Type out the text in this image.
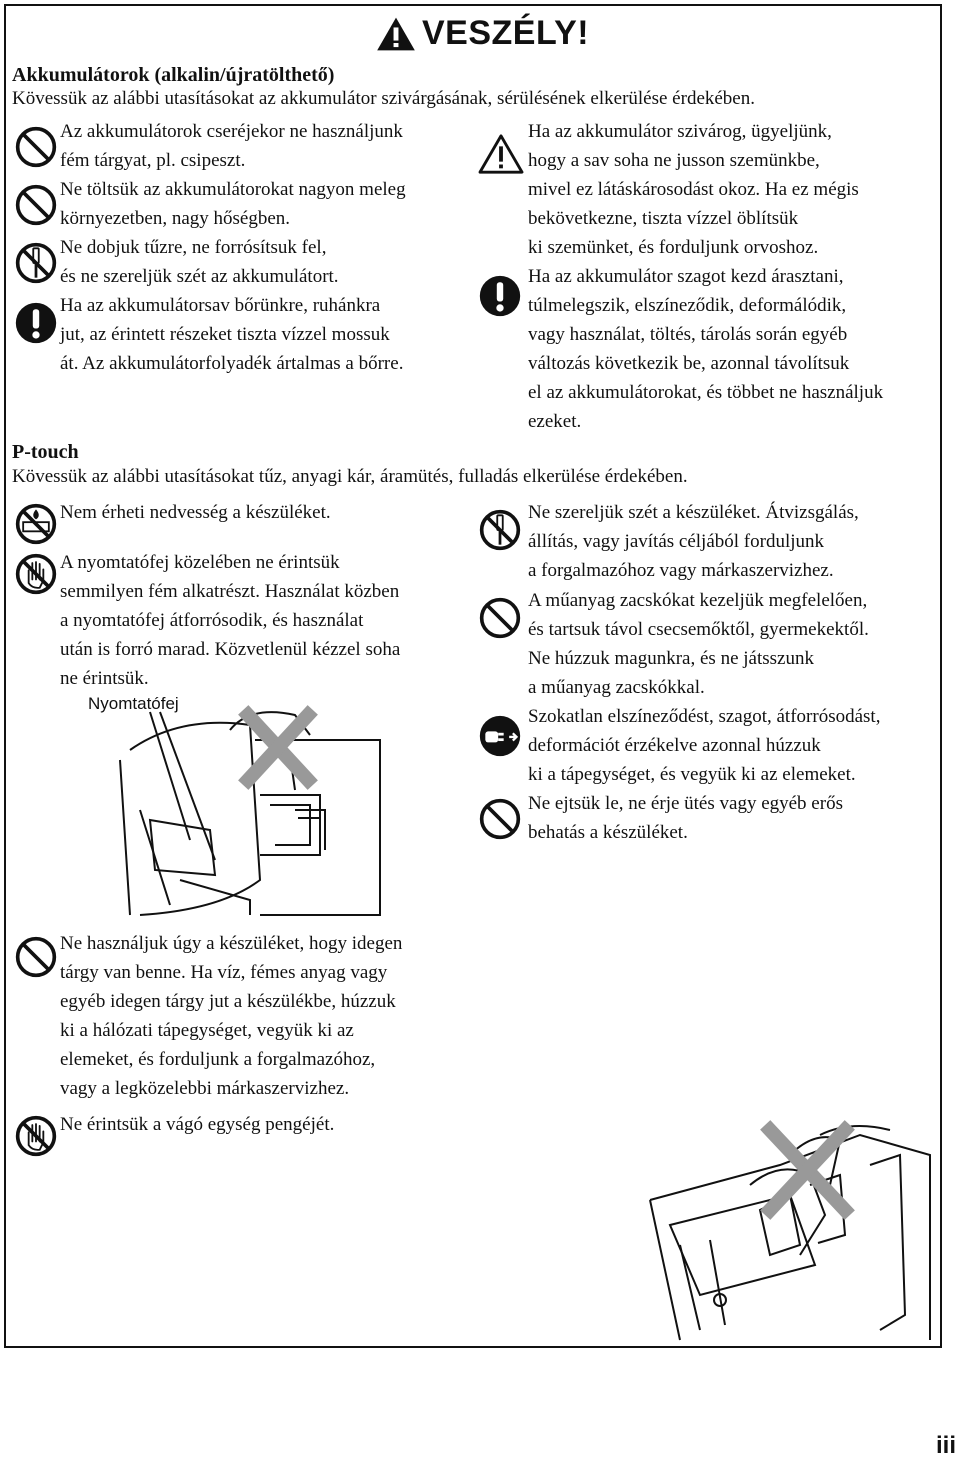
VESZÉLY!
Akkumulátorok (alkalin/újratölthető)
Kövessük az alábbi utasításokat az akkumulátor szivárgásának, sérülésének elkerülése érdekében.
Az akkumulátorok cseréjekor ne használjunk
fém tárgyat, pl. csipeszt.
Ne töltsük az akkumulátorokat nagyon meleg
környezetben, nagy hőségben.
Ne dobjuk tűzre, ne forrósítsuk fel,
és ne szereljük szét az akkumulátort.
Ha az akkumulátorsav bőrünkre, ruhánkra
jut, az érintett részeket tiszta vízzel mossuk
át. Az akkumulátorfolyadék ártalmas a bőrre.
Ha az akkumulátor szivárog, ügyeljünk,
hogy a sav soha ne jusson szemünkbe,
mivel ez látáskárosodást okoz. Ha ez mégis
bekövetkezne, tiszta vízzel öblítsük
ki szemünket, és forduljunk orvoshoz.
Ha az akkumulátor szagot kezd árasztani,
túlmelegszik, elszíneződik, deformálódik,
vagy használat, töltés, tárolás során egyéb
változás következik be, azonnal távolítsuk
el az akkumulátorokat, és többet ne használjuk
ezeket.
P-touch
Kövessük az alábbi utasításokat tűz, anyagi kár, áramütés, fulladás elkerülése érdekében.
Nem érheti nedvesség a készüléket.
A nyomtatófej közelében ne érintsük
semmilyen fém alkatrészt. Használat közben
a nyomtatófej átforrósodik, és használat
után is forró marad. Közvetlenül kézzel soha
ne érintsük.
Nyomtatófej
Ne használjuk úgy a készüléket, hogy idegen
tárgy van benne. Ha víz, fémes anyag vagy
egyéb idegen tárgy jut a készülékbe, húzzuk
ki a hálózati tápegységet, vegyük ki az
elemeket, és forduljunk a forgalmazóhoz,
vagy a legközelebbi márkaszervizhez.
Ne érintsük a vágó egység pengéjét.
Ne szereljük szét a készüléket. Átvizsgálás,
állítás, vagy javítás céljából forduljunk
a forgalmazóhoz vagy márkaszervizhez.
A műanyag zacskókat kezeljük megfelelően,
és tartsuk távol csecsemőktől, gyermekektől.
Ne húzzuk magunkra, és ne játsszunk
a műanyag zacskókkal.
Szokatlan elszíneződést, szagot, átforrósodást,
deformációt érzékelve azonnal húzzuk
ki a tápegységet, és vegyük ki az elemeket.
Ne ejtsük le, ne érje ütés vagy egyéb erős
behatás a készüléket.
iii
